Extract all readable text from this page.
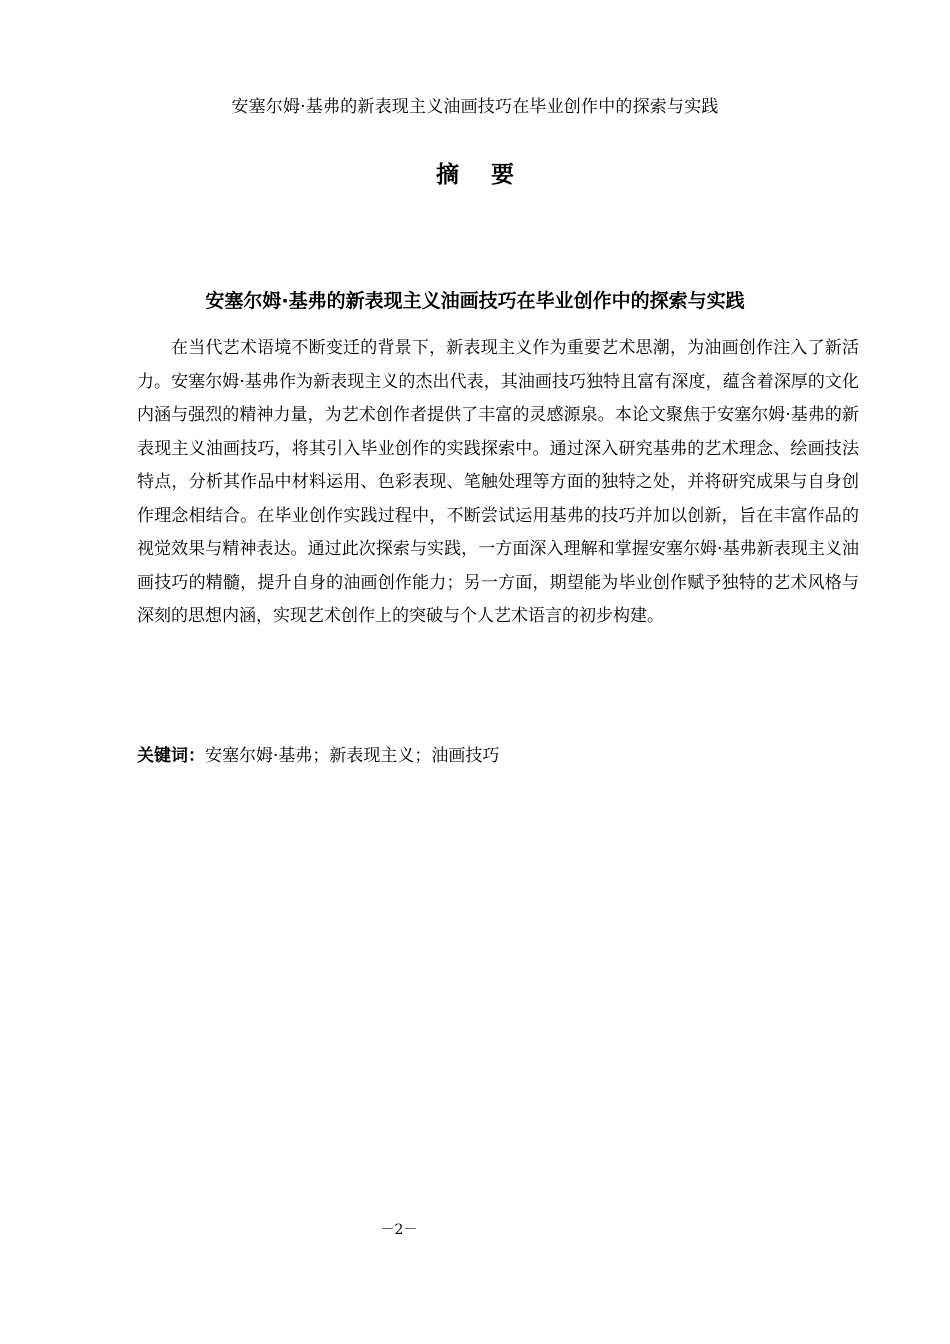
安塞尔姆·基弗的新表现主义油画技巧在毕业创作中的探索与实践
摘 要
安塞尔姆·基弗的新表现主义油画技巧在毕业创作中的探索与实践

在当代艺术语境不断变迁的背景下，新表现主义作为重要艺术思潮，为油画创作注入了新活力。安塞尔姆·基弗作为新表现主义的杰出代表，其油画技巧独特且富有深度，蕴含着深厚的文化内涵与强烈的精神力量，为艺术创作者提供了丰富的灵感源泉。本论文聚焦于安塞尔姆·基弗的新表现主义油画技巧，将其引入毕业创作的实践探索中。通过深入研究基弗的艺术理念、绘画技法特点，分析其作品中材料运用、色彩表现、笔触处理等方面的独特之处，并将研究成果与自身创作理念相结合。在毕业创作实践过程中，不断尝试运用基弗的技巧并加以创新，旨在丰富作品的视觉效果与精神表达。通过此次探索与实践，一方面深入理解和掌握安塞尔姆·基弗新表现主义油画技巧的精髓，提升自身的油画创作能力；另一方面，期望能为毕业创作赋予独特的艺术风格与深刻的思想内涵，实现艺术创作上的突破与个人艺术语言的初步构建。

关键词：安塞尔姆·基弗；新表现主义；油画技巧
－2－
